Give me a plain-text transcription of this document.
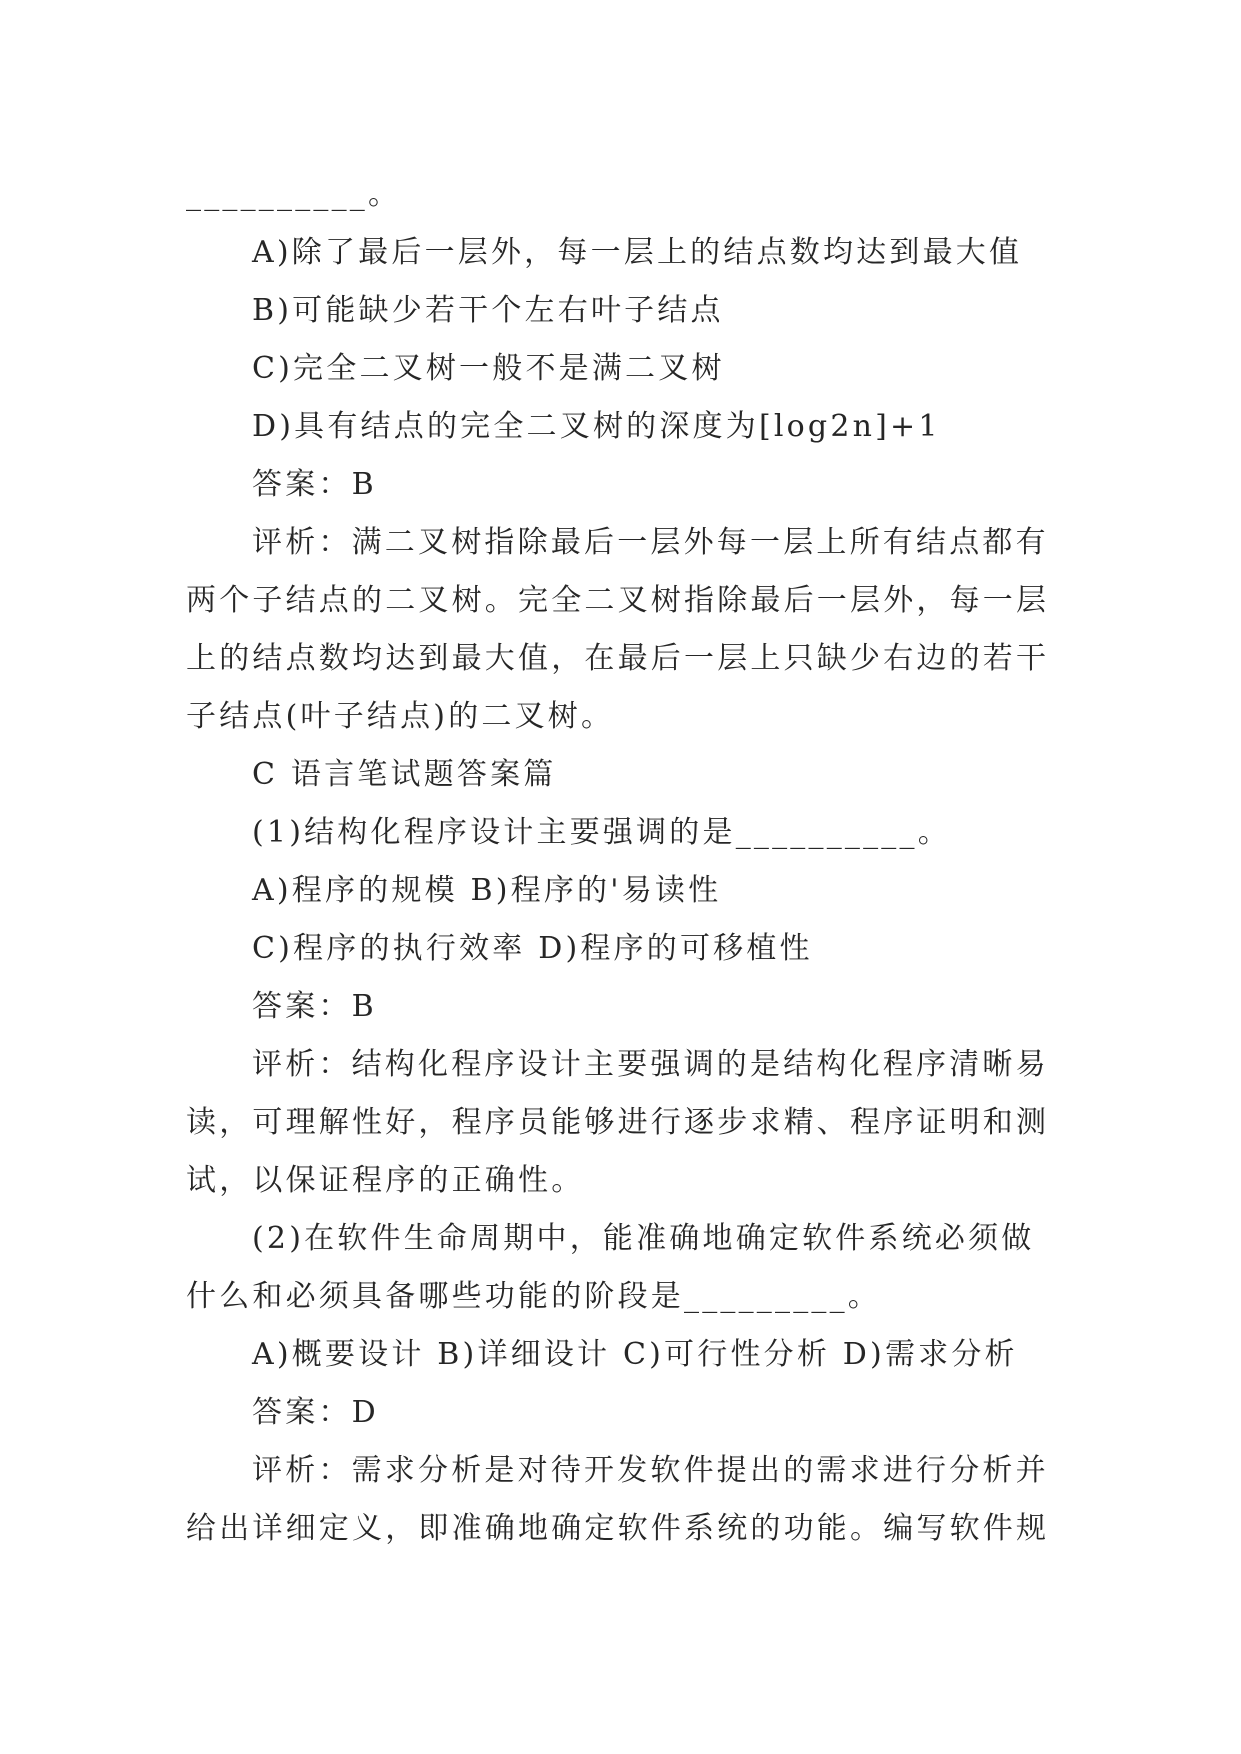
__________。
A)除了最后一层外，每一层上的结点数均达到最大值
B)可能缺少若干个左右叶子结点
C)完全二叉树一般不是满二叉树
D)具有结点的完全二叉树的深度为[log2n]+1
答案：B
评析：满二叉树指除最后一层外每一层上所有结点都有
两个子结点的二叉树。完全二叉树指除最后一层外，每一层
上的结点数均达到最大值，在最后一层上只缺少右边的若干
子结点(叶子结点)的二叉树。
C 语言笔试题答案篇
(1)结构化程序设计主要强调的是__________。
A)程序的规模 B)程序的'易读性
C)程序的执行效率 D)程序的可移植性
答案：B
评析：结构化程序设计主要强调的是结构化程序清晰易
读，可理解性好，程序员能够进行逐步求精、程序证明和测
试，以保证程序的正确性。
(2)在软件生命周期中，能准确地确定软件系统必须做
什么和必须具备哪些功能的阶段是_________。
A)概要设计 B)详细设计 C)可行性分析 D)需求分析
答案：D
评析：需求分析是对待开发软件提出的需求进行分析并
给出详细定义，即准确地确定软件系统的功能。编写软件规
